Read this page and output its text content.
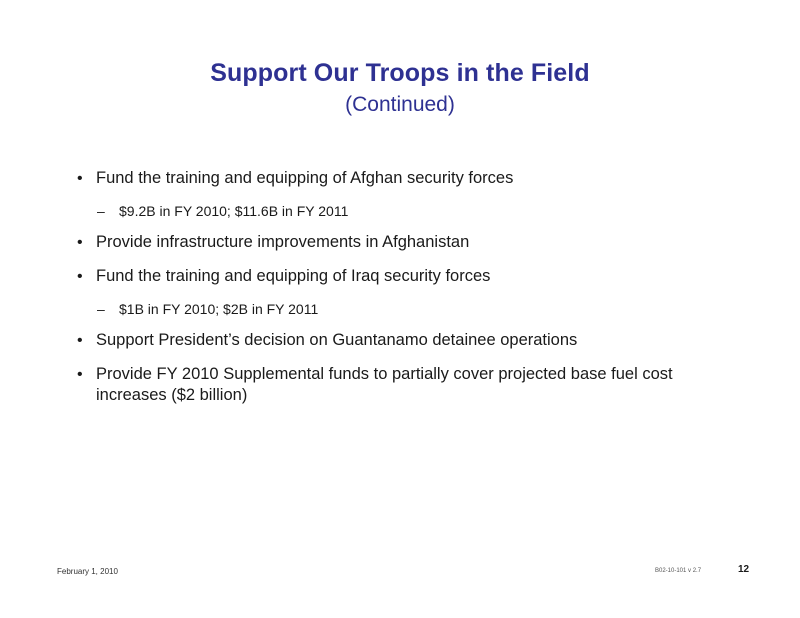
Support Our Troops in the Field
(Continued)
• Fund the training and equipping of Afghan security forces
– $9.2B in FY 2010; $11.6B in FY 2011
• Provide infrastructure improvements in Afghanistan
• Fund the training and equipping of Iraq security forces
– $1B in FY 2010; $2B in FY 2011
• Support President’s decision on Guantanamo detainee operations
• Provide FY 2010 Supplemental funds to partially cover projected base fuel cost increases ($2 billion)
February 1, 2010	B02-10-101 v 2.7	12
